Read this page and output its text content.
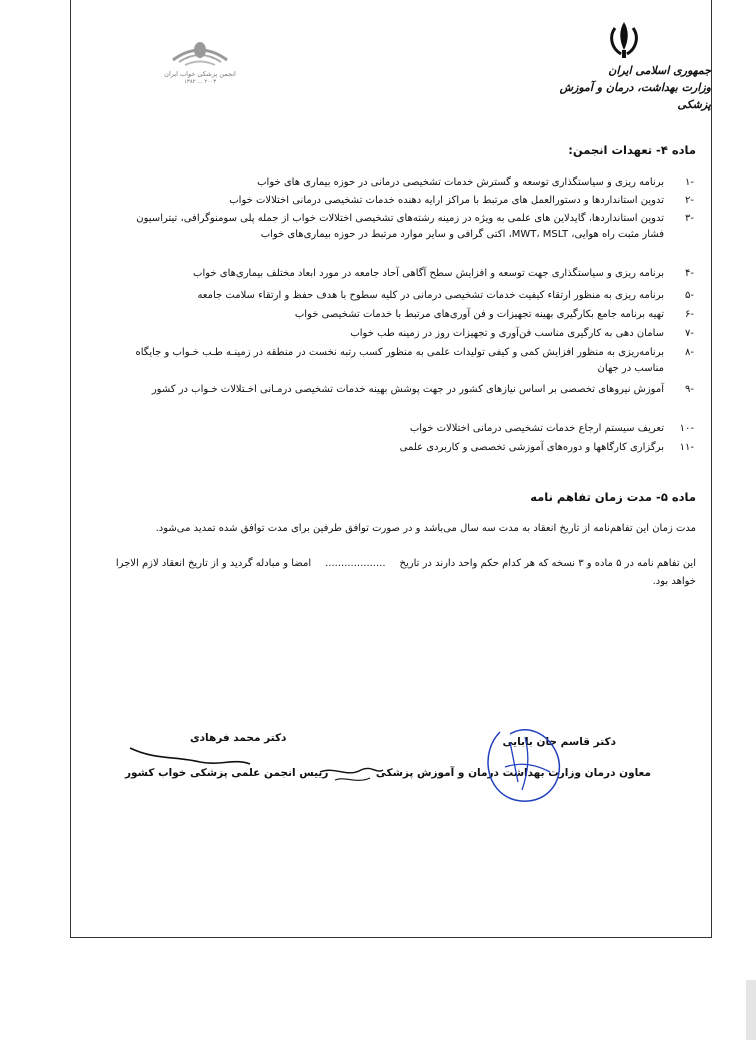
انجمن پزشکی خواب ایران
۱۳۸۲ ... ۲۰۰۳
جمهوری اسلامی ایران
وزارت بهداشت، درمان و آموزش پزشکی
ماده ۴- تعهدات انجمن:
-۱
برنامه ریزی و سیاستگذاری توسعه و گسترش خدمات تشخیصی درمانی در حوزه بیماری های خواب
-۲
تدوین استانداردها و دستورالعمل های مرتبط با مراکز ارایه دهنده خدمات تشخیصی درمانی اختلالات خواب
-۳
تدوین استانداردها، گایدلاین های علمی به ویژه در زمینه رشته‌های تشخیصی اختلالات خواب از جمله پلی سومنوگرافی، تیتراسیون فشار مثبت راه هوایی، MWT، MSLT، اکتی گرافی و سایر موارد مرتبط در حوزه بیماری‌های خواب
-۴
برنامه ریزی و سیاستگذاری جهت توسعه و افزایش سطح آگاهی آحاد جامعه در مورد ابعاد مختلف بیماری‌های خواب
-۵
برنامه ریزی به منظور ارتقاء کیفیت خدمات تشخیصی درمانی در کلیه سطوح با هدف حفظ و ارتقاء سلامت جامعه
-۶
تهیه برنامه جامع بکارگیری بهینه تجهیزات و فن آوری‌های مرتبط با خدمات تشخیصی خواب
-۷
سامان دهی به کارگیری مناسب فن‌آوری و تجهیزات روز در زمینه طب خواب
-۸
برنامه‌ریزی به منظور افزایش کمی و کیفی تولیدات علمی به منظور کسب رتبه نخست در منطقه در زمینـه طـب خـواب و جایگاه مناسب در جهان
-۹
آموزش نیروهای تخصصی بر اساس نیازهای کشور در جهت پوشش بهینه خدمات تشخیصی درمـانی اخـتلالات خـواب در کشور
-۱۰
تعریف سیستم ارجاع خدمات تشخیصی درمانی اختلالات خواب
-۱۱
برگزاری کارگاهها و دوره‌های آموزشی تخصصی و کاربردی علمی
ماده ۵- مدت زمان تفاهم نامه
مدت زمان این تفاهم‌نامه از تاریخ انعقاد به مدت سه سال می‌باشد و در صورت توافق طرفین برای مدت توافق شده تمدید می‌شود.
این تفاهم نامه در ۵ ماده و ۳ نسخه که هر کدام حکم واحد دارند در تاریخ...................امضا و مبادله گردید و از تاریخ انعقاد لازم الاجرا خواهد بود.
دکتر قاسم جان بابایی
معاون درمان وزارت بهداشت درمان و آموزش پزشکی
دکتر محمد فرهادی
رییس انجمن علمی پزشکی خواب کشور
